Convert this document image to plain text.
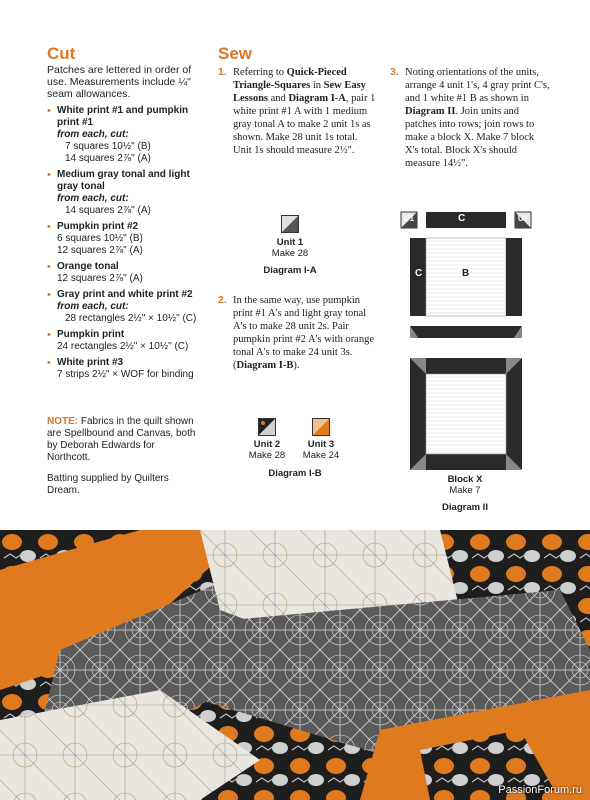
Cut
Patches are lettered in order of use. Measurements include ¼" seam allowances.
• White print #1 and pumpkin print #1
from each, cut:
7 squares 10½" (B)
14 squares 2⅞" (A)
• Medium gray tonal and light gray tonal
from each, cut:
14 squares 2⅞" (A)
• Pumpkin print #2
6 squares 10½" (B)
12 squares 2⅞" (A)
• Orange tonal
12 squares 2⅞" (A)
• Gray print and white print #2
from each, cut:
28 rectangles 2½" × 10½" (C)
• Pumpkin print
24 rectangles 2½" × 10½" (C)
• White print #3
7 strips 2½" × WOF for binding
NOTE: Fabrics in the quilt shown are Spellbound and Canvas, both by Deborah Edwards for Northcott.
Batting supplied by Quilters Dream.
Sew
1. Referring to Quick-Pieced Triangle-Squares in Sew Easy Lessons and Diagram I-A, pair 1 white print #1 A with 1 medium gray tonal A to make 2 unit 1s as shown. Make 28 unit 1s total. Unit 1s should measure 2½".
Unit 1
Make 28
Diagram I-A
2. In the same way, use pumpkin print #1 A's and light gray tonal A's to make 28 unit 2s. Pair pumpkin print #2 A's with orange tonal A's to make 24 unit 3s. (Diagram I-B).
Unit 2
Make 28
Unit 3
Make 24
Diagram I-B
3. Noting orientations of the units, arrange 4 unit 1's, 4 gray print C's, and 1 white #1 B as shown in Diagram II. Join units and patches into rows; join rows to make a block X. Make 7 block X's total. Block X's should measure 14½".
U1	U1
C
C	B
Block X
Make 7
Diagram II
PassionForum.ru
